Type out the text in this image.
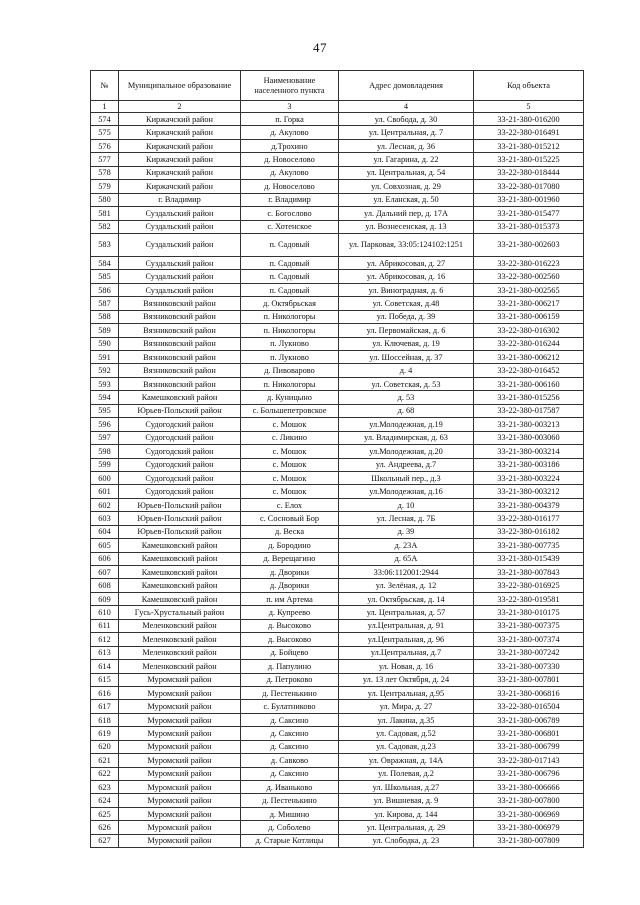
47
№	Муниципальное образование	Наименование населенного пункта	Адрес домовладения	Код объекта
1	2	3	4	5
574	Киржачский район	п. Горка	ул. Свобода, д. 30	33-21-380-016200
575	Киржачский район	д. Акулово	ул. Центральная, д. 7	33-22-380-016491
576	Киржачский район	д.Трохино	ул. Лесная, д. 36	33-21-380-015212
577	Киржачский район	д. Новоселово	ул. Гагарина, д. 22	33-21-380-015225
578	Киржачский район	д. Акулово	ул. Центральная, д. 54	33-22-380-018444
579	Киржачский район	д. Новоселово	ул. Совхозная, д. 29	33-22-380-017080
580	г. Владимир	г. Владимир	ул. Еланская, д. 50	33-21-380-001960
581	Суздальский район	с. Богослово	ул. Дальний пер, д. 17А	33-21-380-015477
582	Суздальский район	с. Хотенское	ул. Вознесенская, д. 13	33-21-380-015373
583	Суздальский район	п. Садовый	ул. Парковая, 33:05:124102:1251	33-21-380-002603
584	Суздальский район	п. Садовый	ул. Абрикосовая, д. 27	33-22-380-016223
585	Суздальский район	п. Садовый	ул. Абрикосовая, д. 16	33-22-380-002560
586	Суздальский район	п. Садовый	ул. Виноградная, д. 6	33-21-380-002565
587	Вязниковский район	д. Октябрьская	ул. Советская, д.48	33-21-380-006217
588	Вязниковский район	п. Никологоры	ул. Победа, д. 39	33-21-380-006159
589	Вязниковский район	п. Никологоры	ул. Первомайская, д. 6	33-22-380-016302
590	Вязниковский район	п. Лукново	ул. Ключевая, д. 19	33-22-380-016244
591	Вязниковский район	п. Лукново	ул. Шоссейная, д. 37	33-21-380-006212
592	Вязниковский район	д. Пивоварово	д. 4	33-22-380-016452
593	Вязниковский район	п. Никологоры	ул. Советская, д. 53	33-21-380-006160
594	Камешковский район	д. Куницыно	д. 53	33-21-380-015256
595	Юрьев-Польский район	с. Большепетровское	д. 68	33-22-380-017587
596	Судогодский район	с. Мошок	ул.Молодежная, д.19	33-21-380-003213
597	Судогодский район	с. Ликино	ул. Владимирская, д. 63	33-21-380-003060
598	Судогодский район	с. Мошок	ул.Молодежная, д.20	33-21-380-003214
599	Судогодский район	с. Мошок	ул. Андреева, д.7	33-21-380-003186
600	Судогодский район	с. Мошок	Школьный пер., д.3	33-21-380-003224
601	Судогодский район	с. Мошок	ул.Молодежная, д.16	33-21-380-003212
602	Юрьев-Польский район	с. Елох	д. 10	33-21-380-004379
603	Юрьев-Польский район	с. Сосновый Бор	ул. Лесная, д. 7Б	33-22-380-016177
604	Юрьев-Польский район	д. Веска	д. 39	33-22-380-016182
605	Камешковский район	д. Бородино	д. 23А	33-21-380-007735
606	Камешковский район	д. Верещагино	д. 65А	33-21-380-015439
607	Камешковский район	д. Дворики	33:06:112001:2944	33-21-380-007843
608	Камешковский район	д. Дворики	ул. Зелёная, д. 12	33-22-380-016925
609	Камешковский район	п. им Артема	ул. Октябрьская, д. 14	33-22-380-019581
610	Гусь-Хрустальный район	д. Купреево	ул. Центральная, д. 57	33-21-380-010175
611	Меленковский район	д. Высоково	ул.Центральная, д. 91	33-21-380-007375
612	Меленковский район	д. Высоково	ул.Центральная, д. 96	33-21-380-007374
613	Меленковский район	д. Бойцево	ул.Центральная, д.7	33-21-380-007242
614	Меленковский район	д. Папулино	ул. Новая, д. 16	33-21-380-007330
615	Муромский район	д. Петроково	ул. 13 лет Октября, д. 24	33-21-380-007801
616	Муромский район	д. Пестенькино	ул. Центральная, д.95	33-21-380-006816
617	Муромский район	с. Булатниково	ул. Мира, д. 27	33-22-380-016504
618	Муромский район	д. Саксино	ул. Лакина, д.35	33-21-380-006789
619	Муромский район	д. Саксино	ул. Садовая, д.52	33-21-380-006801
620	Муромский район	д. Саксино	ул. Садовая, д.23	33-21-380-006799
621	Муромский район	д. Савково	ул. Овражная, д. 14А	33-22-380-017143
622	Муромский район	д. Саксино	ул. Полевая, д.2	33-21-380-006796
623	Муромский район	д. Иваньково	ул. Школьная, д.27	33-21-380-006666
624	Муромский район	д. Пестенькино	ул. Вишневая, д. 9	33-21-380-007800
625	Муромский район	д. Мишино	ул. Кирова, д. 144	33-21-380-006969
626	Муромский район	д. Соболево	ул. Центральная, д. 29	33-21-380-006979
627	Муромский район	д. Старые Котлицы	ул. Слободка, д. 23	33-21-380-007809
